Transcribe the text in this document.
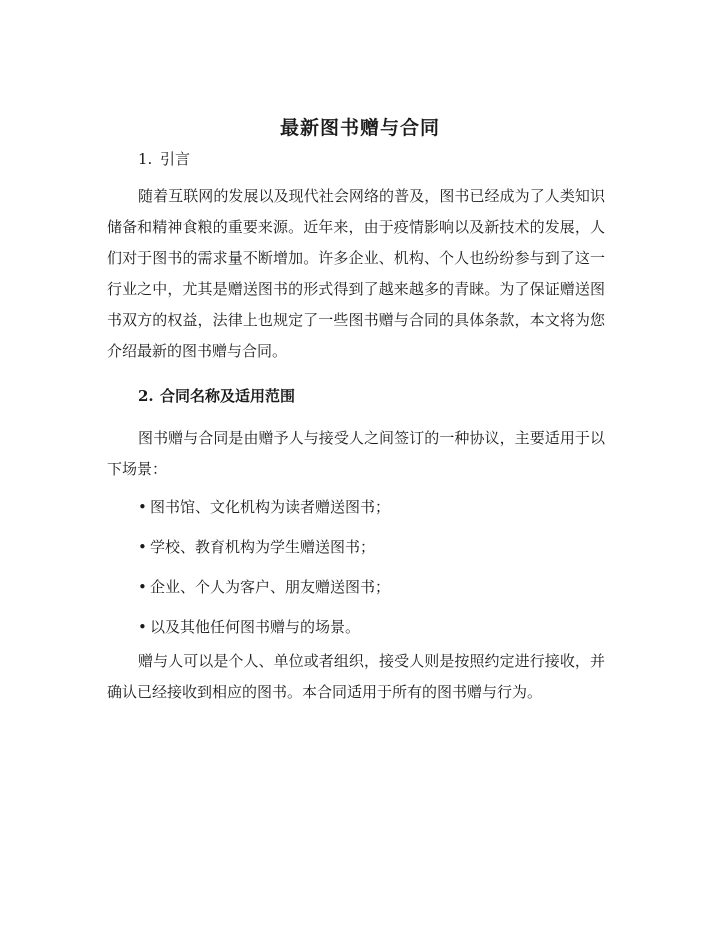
最新图书赠与合同
1. 引言

随着互联网的发展以及现代社会网络的普及，图书已经成为了人类知识储备和精神食粮的重要来源。近年来，由于疫情影响以及新技术的发展，人们对于图书的需求量不断增加。许多企业、机构、个人也纷纷参与到了这一行业之中，尤其是赠送图书的形式得到了越来越多的青睐。为了保证赠送图书双方的权益，法律上也规定了一些图书赠与合同的具体条款，本文将为您介绍最新的图书赠与合同。

2. 合同名称及适用范围

图书赠与合同是由赠予人与接受人之间签订的一种协议，主要适用于以下场景：

• 图书馆、文化机构为读者赠送图书；
• 学校、教育机构为学生赠送图书；
• 企业、个人为客户、朋友赠送图书；
• 以及其他任何图书赠与的场景。

赠与人可以是个人、单位或者组织，接受人则是按照约定进行接收，并确认已经接收到相应的图书。本合同适用于所有的图书赠与行为。
